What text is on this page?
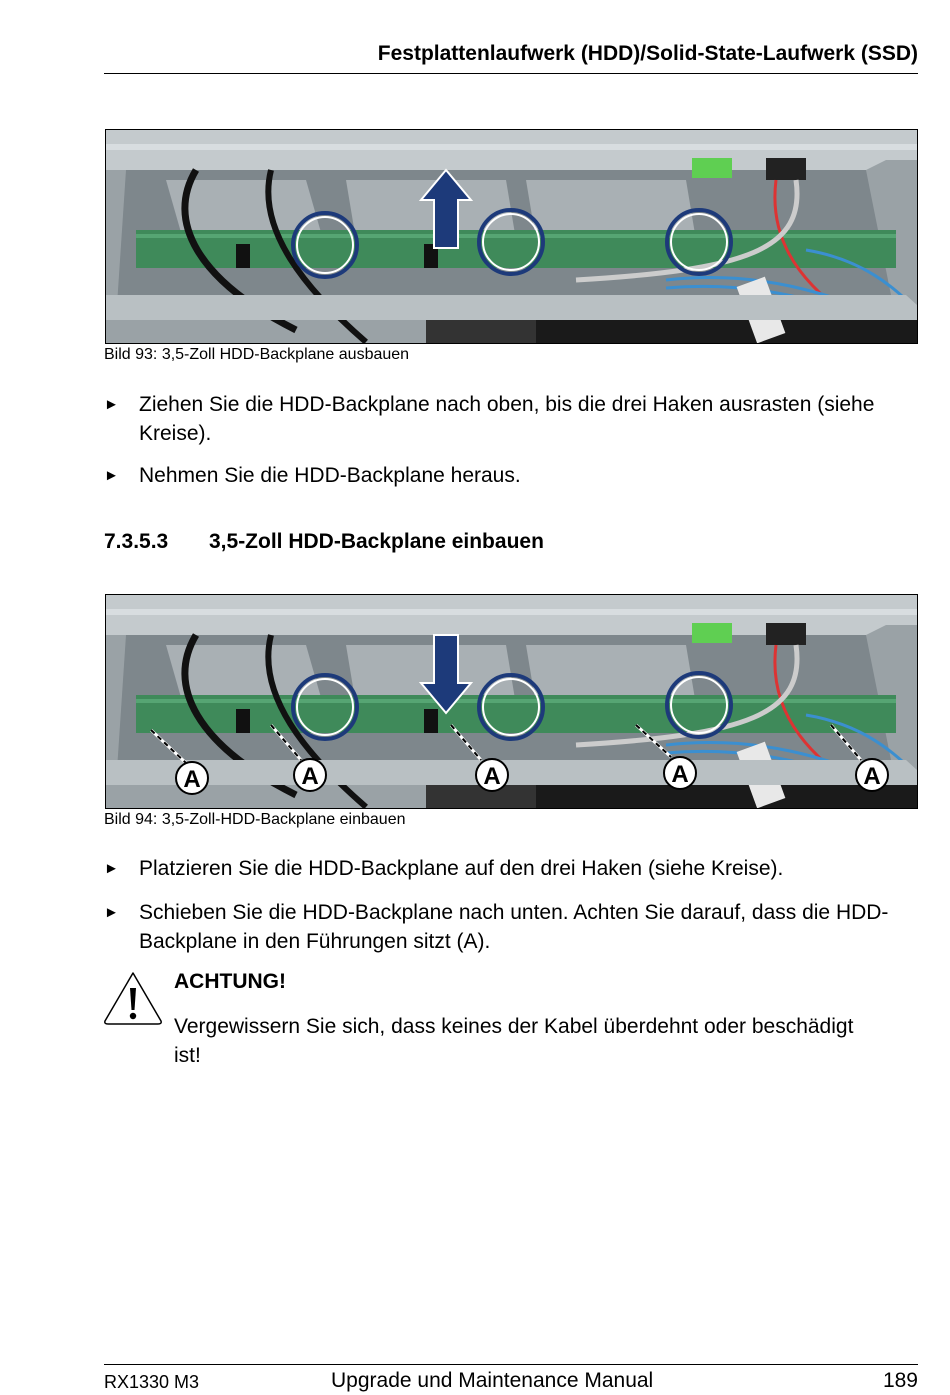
Festplattenlaufwerk (HDD)/Solid-State-Laufwerk (SSD)
Bild 93: 3,5-Zoll HDD-Backplane ausbauen
► Ziehen Sie die HDD-Backplane nach oben, bis die drei Haken ausrasten (siehe Kreise).
► Nehmen Sie die HDD-Backplane heraus.
7.3.5.3 3,5-Zoll HDD-Backplane einbauen
A	A	A	A	A
Bild 94: 3,5-Zoll-HDD-Backplane einbauen
► Platzieren Sie die HDD-Backplane auf den drei Haken (siehe Kreise).
► Schieben Sie die HDD-Backplane nach unten. Achten Sie darauf, dass die HDD-Backplane in den Führungen sitzt (A).
ACHTUNG!
Vergewissern Sie sich, dass keines der Kabel überdehnt oder beschädigt ist!
RX1330 M3	Upgrade und Maintenance Manual	189
